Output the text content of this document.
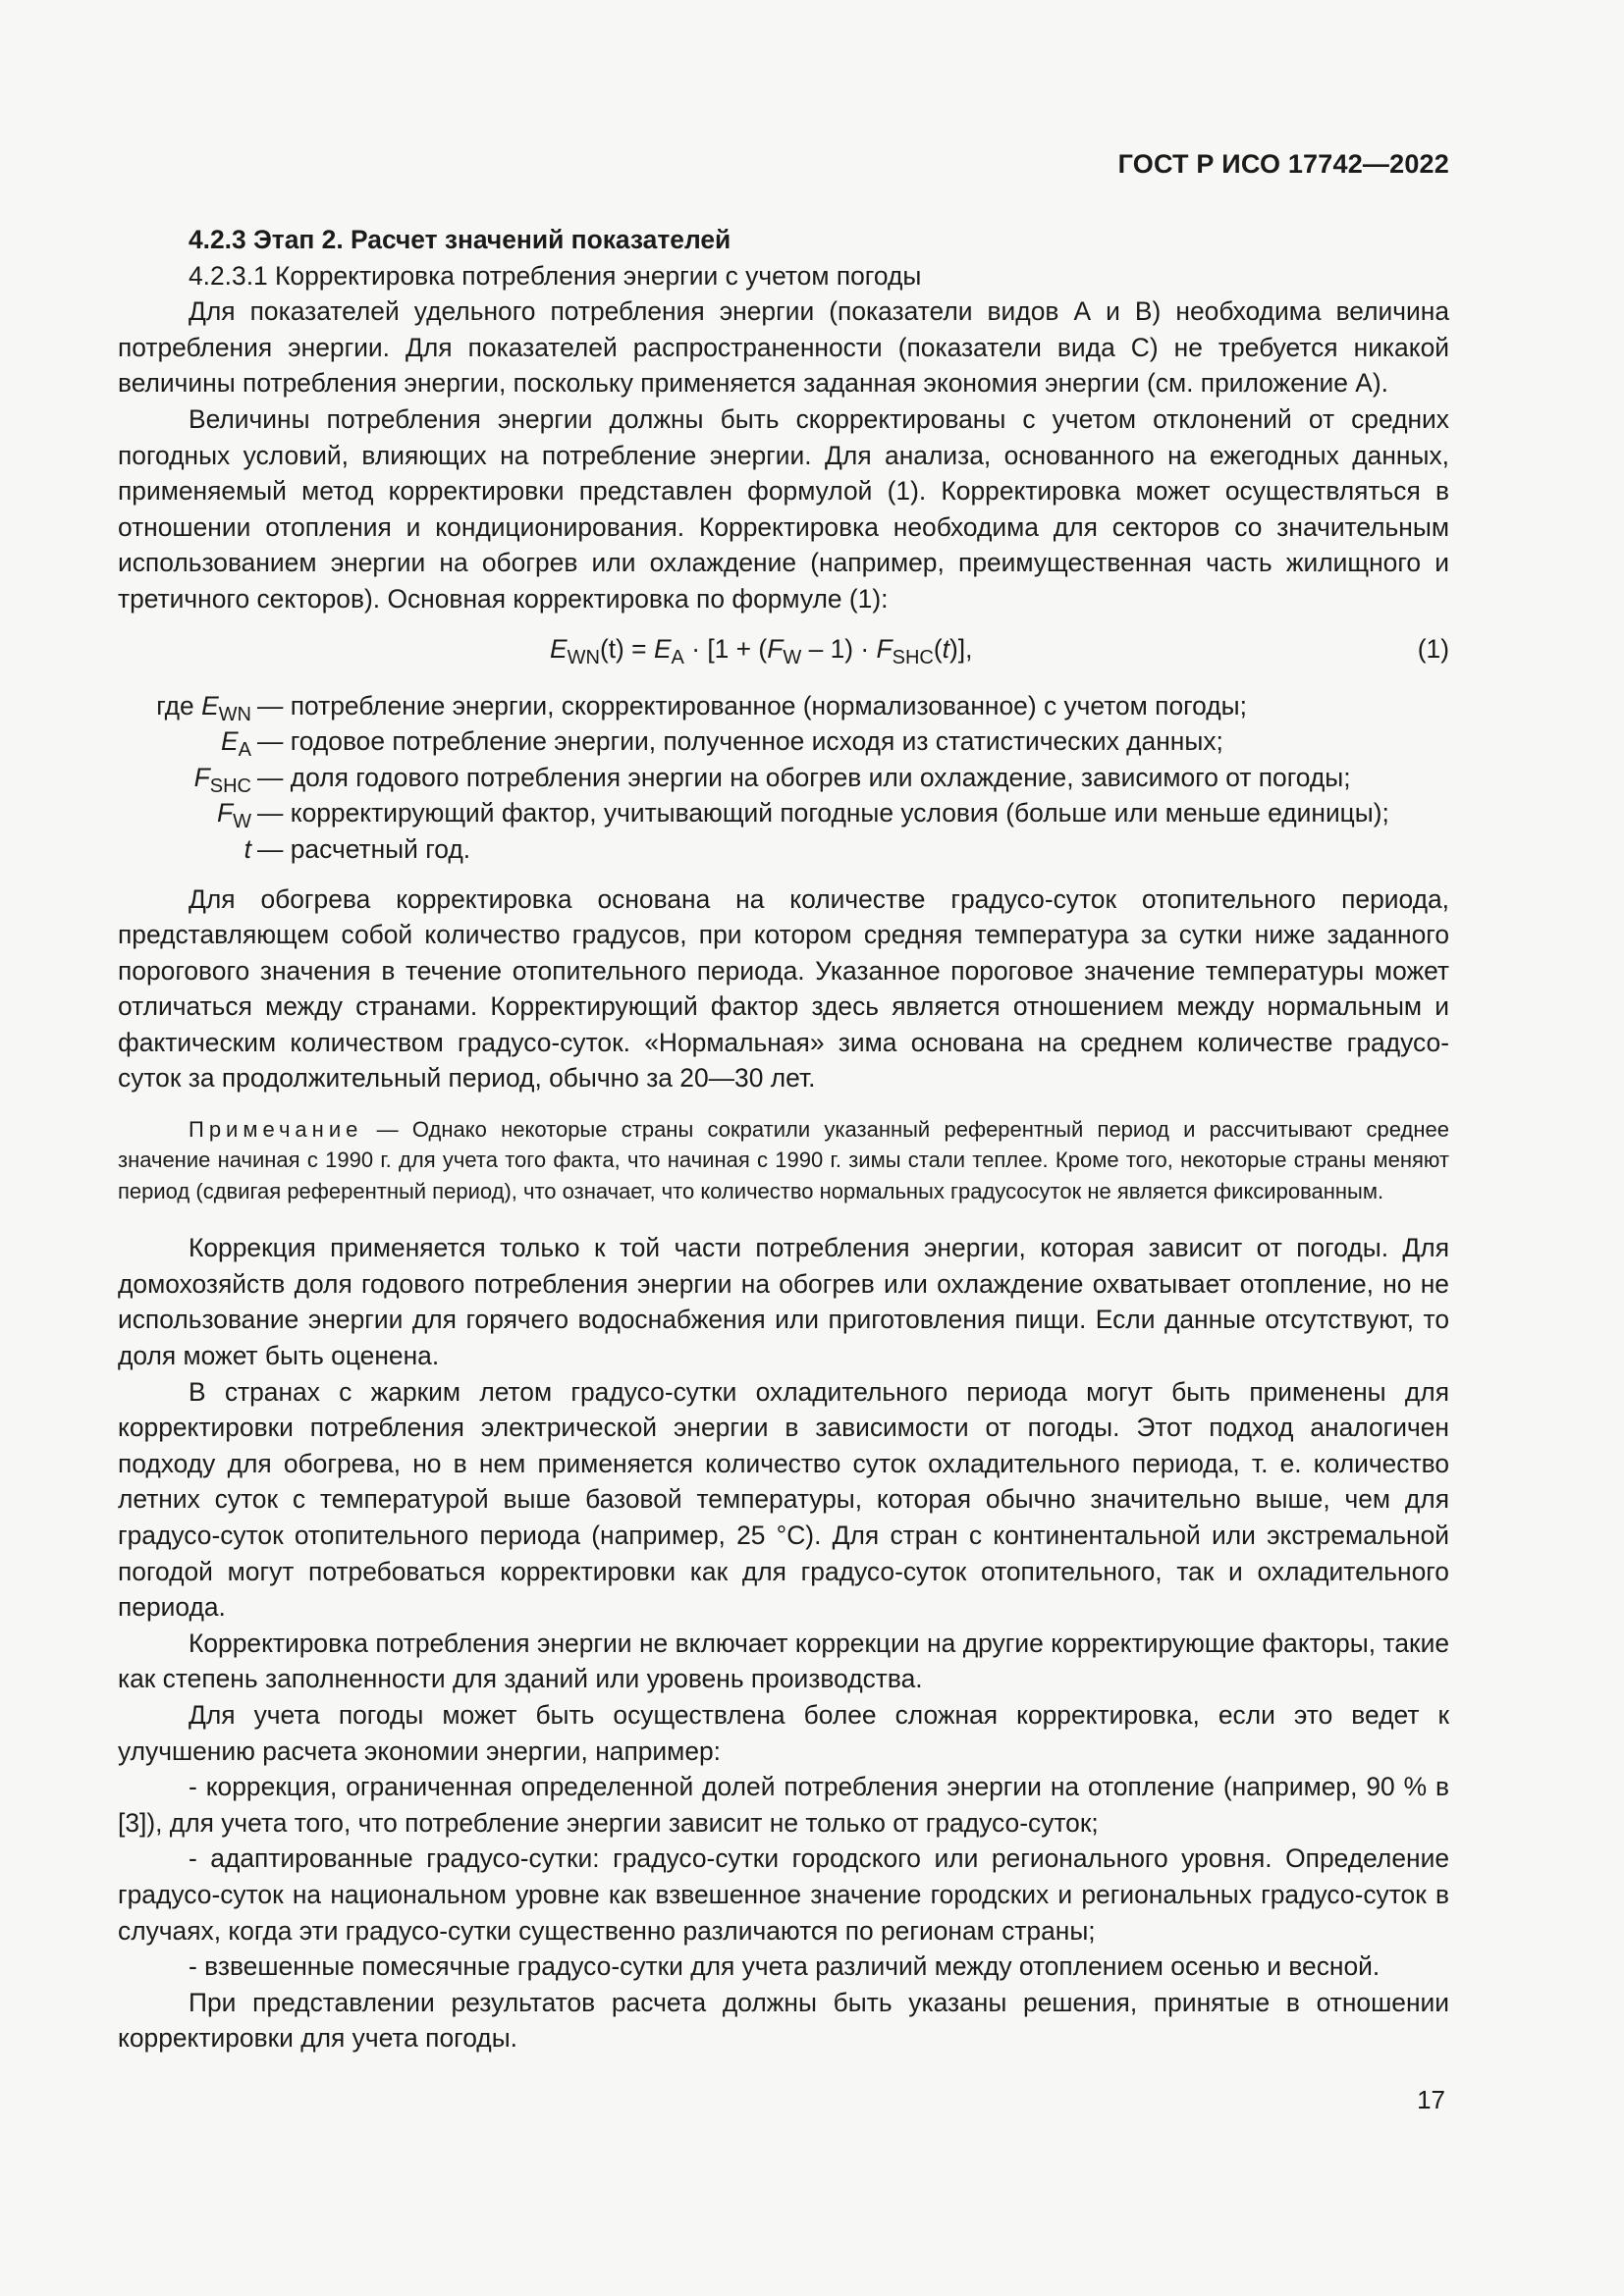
ГОСТ Р ИСО 17742—2022

4.2.3 Этап 2. Расчет значений показателей

4.2.3.1 Корректировка потребления энергии с учетом погоды

Для показателей удельного потребления энергии (показатели видов А и В) необходима величина потребления энергии. Для показателей распространенности (показатели вида С) не требуется никакой величины потребления энергии, поскольку применяется заданная экономия энергии (см. приложение А).

Величины потребления энергии должны быть скорректированы с учетом отклонений от средних погодных условий, влияющих на потребление энергии. Для анализа, основанного на ежегодных данных, применяемый метод корректировки представлен формулой (1). Корректировка может осуществляться в отношении отопления и кондиционирования. Корректировка необходима для секторов со значительным использованием энергии на обогрев или охлаждение (например, преимущественная часть жилищного и третичного секторов). Основная корректировка по формуле (1):

$E_{WN}(t) = E_A \cdot [1 + (F_W - 1) \cdot F_{SHC}(t)]$,	(1)
где $E_{WN}$ — потребление энергии, скорректированное (нормализованное) с учетом погоды;
$E_A$ — годовое потребление энергии, полученное исходя из статистических данных;
$F_{SHC}$ — доля годового потребления энергии на обогрев или охлаждение, зависимого от погоды;
$F_W$ — корректирующий фактор, учитывающий погодные условия (больше или меньше единицы);
t — расчетный год.

Для обогрева корректировка основана на количестве градусо-суток отопительного периода, представляющем собой количество градусов, при котором средняя температура за сутки ниже заданного порогового значения в течение отопительного периода. Указанное пороговое значение температуры может отличаться между странами. Корректирующий фактор здесь является отношением между нормальным и фактическим количеством градусо-суток. «Нормальная» зима основана на среднем количестве градусо-суток за продолжительный период, обычно за 20—30 лет.

Примечание — Однако некоторые страны сократили указанный референтный период и рассчитывают среднее значение начиная с 1990 г. для учета того факта, что начиная с 1990 г. зимы стали теплее. Кроме того, некоторые страны меняют период (сдвигая референтный период), что означает, что количество нормальных градусосуток не является фиксированным.

Коррекция применяется только к той части потребления энергии, которая зависит от погоды. Для домохозяйств доля годового потребления энергии на обогрев или охлаждение охватывает отопление, но не использование энергии для горячего водоснабжения или приготовления пищи. Если данные отсутствуют, то доля может быть оценена.

В странах с жарким летом градусо-сутки охладительного периода могут быть применены для корректировки потребления электрической энергии в зависимости от погоды. Этот подход аналогичен подходу для обогрева, но в нем применяется количество суток охладительного периода, т. е. количество летних суток с температурой выше базовой температуры, которая обычно значительно выше, чем для градусо-суток отопительного периода (например, 25 °С). Для стран с континентальной или экстремальной погодой могут потребоваться корректировки как для градусо-суток отопительного, так и охладительного периода.

Корректировка потребления энергии не включает коррекции на другие корректирующие факторы, такие как степень заполненности для зданий или уровень производства.

Для учета погоды может быть осуществлена более сложная корректировка, если это ведет к улучшению расчета экономии энергии, например:

- коррекция, ограниченная определенной долей потребления энергии на отопление (например, 90 % в [3]), для учета того, что потребление энергии зависит не только от градусо-суток;

- адаптированные градусо-сутки: градусо-сутки городского или регионального уровня. Определение градусо-суток на национальном уровне как взвешенное значение городских и региональных градусо-суток в случаях, когда эти градусо-сутки существенно различаются по регионам страны;

- взвешенные помесячные градусо-сутки для учета различий между отоплением осенью и весной.

При представлении результатов расчета должны быть указаны решения, принятые в отношении корректировки для учета погоды.

17
